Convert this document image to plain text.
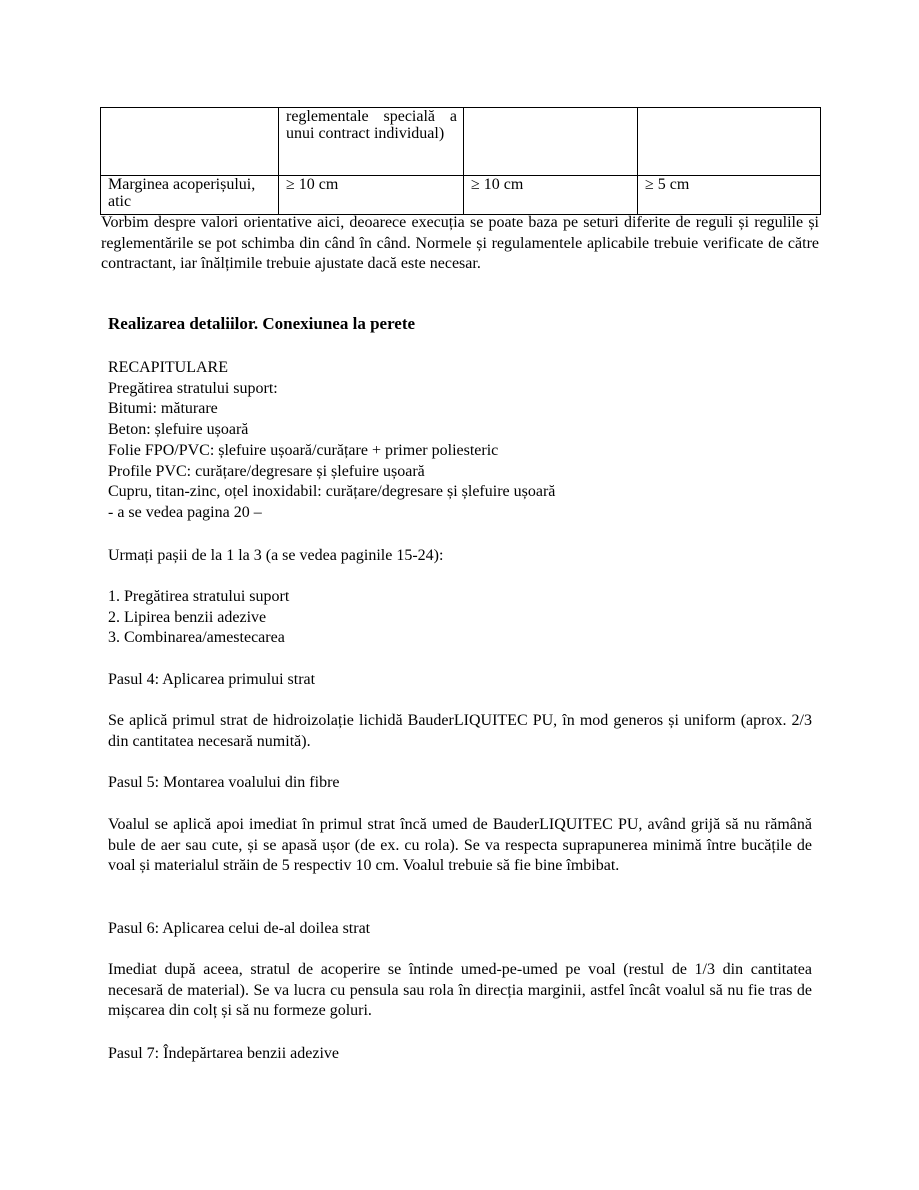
	reglementale specială a unui contract individual)		
Marginea acoperișului, atic	≥ 10 cm	≥ 10 cm	≥ 5 cm
Vorbim despre valori orientative aici, deoarece execuția se poate baza pe seturi diferite de reguli și regulile și reglementările se pot schimba din când în când. Normele și regulamentele aplicabile trebuie verificate de către contractant, iar înălțimile trebuie ajustate dacă este necesar.
Realizarea detaliilor. Conexiunea la perete
RECAPITULARE
Pregătirea stratului suport:
Bitumi: măturare
Beton: șlefuire ușoară
Folie FPO/PVC: șlefuire ușoară/curățare + primer poliesteric
Profile PVC: curățare/degresare și șlefuire ușoară
Cupru, titan-zinc, oțel inoxidabil: curățare/degresare și șlefuire ușoară
- a se vedea pagina 20 –
Urmați pașii de la 1 la 3 (a se vedea paginile 15-24):
1. Pregătirea stratului suport
2. Lipirea benzii adezive
3. Combinarea/amestecarea
Pasul 4: Aplicarea primului strat
Se aplică primul strat de hidroizolație lichidă BauderLIQUITEC PU, în mod generos și uniform (aprox. 2/3 din cantitatea necesară numită).
Pasul 5: Montarea voalului din fibre
Voalul se aplică apoi imediat în primul strat încă umed de BauderLIQUITEC PU, având grijă să nu rămână bule de aer sau cute, și se apasă ușor (de ex. cu rola). Se va respecta suprapunerea minimă între bucățile de voal și materialul străin de 5 respectiv 10 cm. Voalul trebuie să fie bine îmbibat.
Pasul 6: Aplicarea celui de-al doilea strat
Imediat după aceea, stratul de acoperire se întinde umed-pe-umed pe voal (restul de 1/3 din cantitatea necesară de material). Se va lucra cu pensula sau rola în direcția marginii, astfel încât voalul să nu fie tras de mișcarea din colț și să nu formeze goluri.
Pasul 7: Îndepărtarea benzii adezive
